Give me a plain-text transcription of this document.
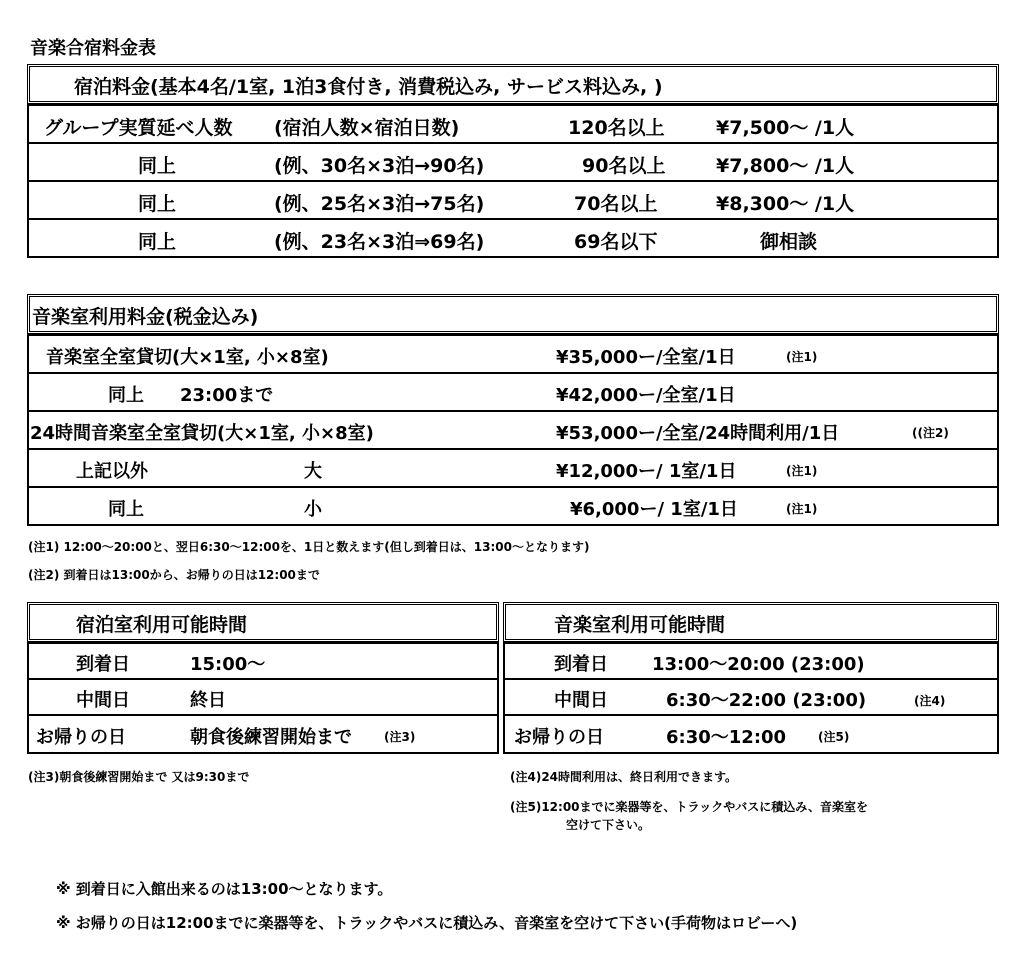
音楽合宿料金表
宿泊料金(基本4名/1室, 1泊3食付き, 消費税込み, サービス料込み, )
グループ実質延べ人数 (宿泊人数×宿泊日数)	120名以上	¥7,500〜 /1人
同上	(例、30名×3泊→90名)	90名以上	¥7,800〜 /1人
同上	(例、25名×3泊→75名)	70名以上	¥8,300〜 /1人
同上	(例、23名×3泊⇒69名)	69名以下	御相談
音楽室利用料金(税金込み)
音楽室全室貸切(大×1室, 小×8室)	¥35,000ー/全室/1日	(注1)
同上 23:00まで	¥42,000ー/全室/1日
24時間音楽室全室貸切(大×1室, 小×8室)	¥53,000ー/全室/24時間利用/1日	((注2)
上記以外	大	¥12,000ー/ 1室/1日	(注1)
同上	小	¥6,000ー/ 1室/1日	(注1)
(注1) 12:00〜20:00と、翌日6:30〜12:00を、1日と数えます(但し到着日は、13:00〜となります)
(注2) 到着日は13:00から、お帰りの日は12:00まで
宿泊室利用可能時間
到着日	15:00〜
中間日	終日
お帰りの日	朝食後練習開始まで	(注3)
音楽室利用可能時間
到着日 13:00〜20:00 (23:00)
中間日	6:30〜22:00 (23:00)	(注4)
お帰りの日	6:30〜12:00	(注5)
(注3)朝食後練習開始まで 又は9:30まで	(注4)24時間利用は、終日利用できます。
(注5)12:00までに楽器等を、トラックやバスに積込み、音楽室を
空けて下さい。
※ 到着日に入館出来るのは13:00〜となります。
※ お帰りの日は12:00までに楽器等を、トラックやバスに積込み、音楽室を空けて下さい(手荷物はロビーへ)
